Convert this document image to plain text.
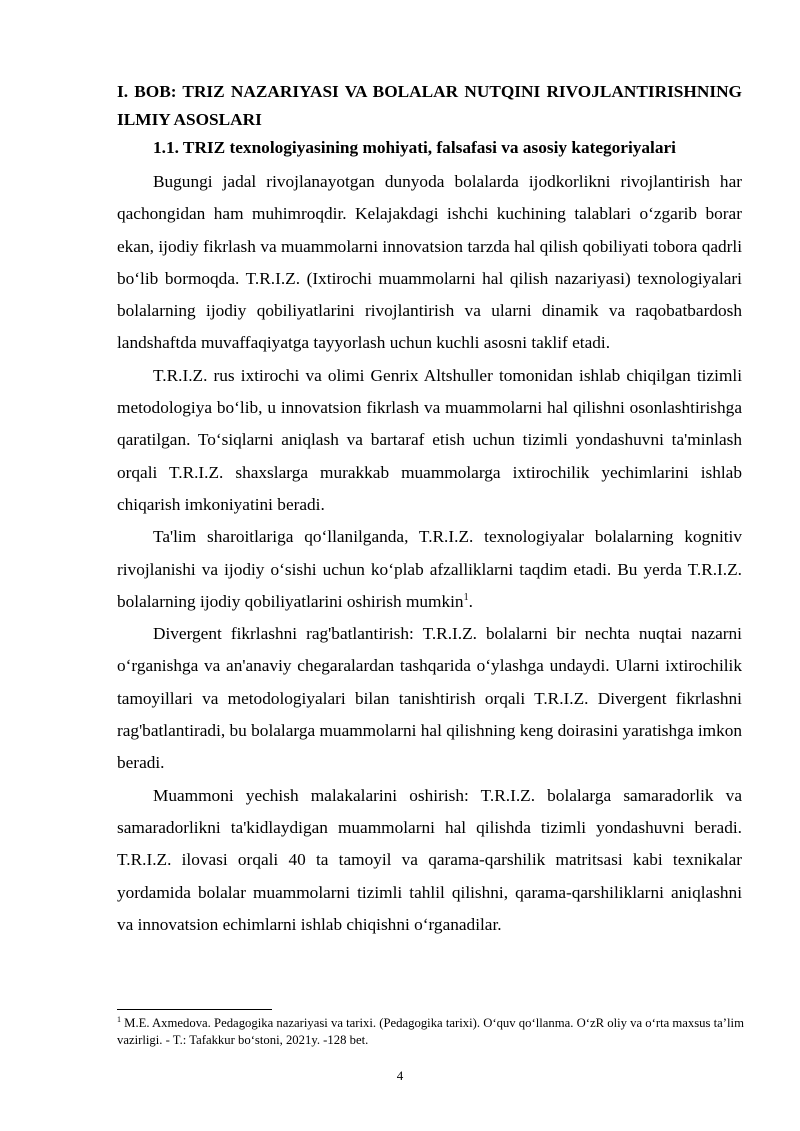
I. BOB: TRIZ NAZARIYASI VA BOLALAR NUTQINI RIVOJLANTIRISHNING ILMIY ASOSLARI

1.1. TRIZ texnologiyasining mohiyati, falsafasi va asosiy kategoriyalari

Bugungi jadal rivojlanayotgan dunyoda bolalarda ijodkorlikni rivojlantirish har qachongidan ham muhimroqdir. Kelajakdagi ishchi kuchining talablari o‘zgarib borar ekan, ijodiy fikrlash va muammolarni innovatsion tarzda hal qilish qobiliyati tobora qadrli bo‘lib bormoqda. T.R.I.Z. (Ixtirochi muammolarni hal qilish nazariyasi) texnologiyalari bolalarning ijodiy qobiliyatlarini rivojlantirish va ularni dinamik va raqobatbardosh landshaftda muvaffaqiyatga tayyorlash uchun kuchli asosni taklif etadi.

T.R.I.Z. rus ixtirochi va olimi Genrix Altshuller tomonidan ishlab chiqilgan tizimli metodologiya bo‘lib, u innovatsion fikrlash va muammolarni hal qilishni osonlashtirishga qaratilgan. To‘siqlarni aniqlash va bartaraf etish uchun tizimli yondashuvni ta'minlash orqali T.R.I.Z. shaxslarga murakkab muammolarga ixtirochilik yechimlarini ishlab chiqarish imkoniyatini beradi.

Ta'lim sharoitlariga qo‘llanilganda, T.R.I.Z. texnologiyalar bolalarning kognitiv rivojlanishi va ijodiy o‘sishi uchun ko‘plab afzalliklarni taqdim etadi. Bu yerda T.R.I.Z. bolalarning ijodiy qobiliyatlarini oshirish mumkin$^1$.

Divergent fikrlashni rag'batlantirish: T.R.I.Z. bolalarni bir nechta nuqtai nazarni o‘rganishga va an'anaviy chegaralardan tashqarida o‘ylashga undaydi. Ularni ixtirochilik tamoyillari va metodologiyalari bilan tanishtirish orqali T.R.I.Z. Divergent fikrlashni rag'batlantiradi, bu bolalarga muammolarni hal qilishning keng doirasini yaratishga imkon beradi.

Muammoni yechish malakalarini oshirish: T.R.I.Z. bolalarga samaradorlik va samaradorlikni ta'kidlaydigan muammolarni hal qilishda tizimli yondashuvni beradi. T.R.I.Z. ilovasi orqali 40 ta tamoyil va qarama-qarshilik matritsasi kabi texnikalar yordamida bolalar muammolarni tizimli tahlil qilishni, qarama-qarshiliklarni aniqlashni va innovatsion echimlarni ishlab chiqishni o‘rganadilar.

$^1$ M.E. Axmedova. Pedagogika nazariyasi va tarixi. (Pedagogika tarixi). O‘quv qo‘llanma. O‘zR oliy va o‘rta maxsus ta’lim vazirligi. - T.: Tafakkur bo‘stoni, 2021y. -128 bet.
4
